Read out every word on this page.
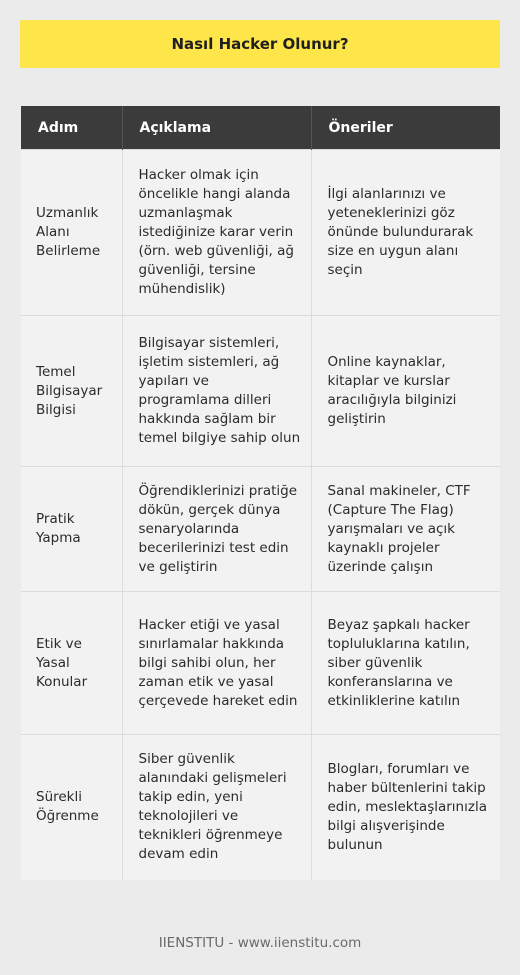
Nasıl Hacker Olunur?
Adım	Açıklama	Öneriler
Uzmanlık Alanı Belirleme	Hacker olmak için öncelikle hangi alanda uzmanlaşmak istediğinize karar verin (örn. web güvenliği, ağ güvenliği, tersine mühendislik)	İlgi alanlarınızı ve yeteneklerinizi göz önünde bulundurarak size en uygun alanı seçin
Temel Bilgisayar Bilgisi	Bilgisayar sistemleri, işletim sistemleri, ağ yapıları ve programlama dilleri hakkında sağlam bir temel bilgiye sahip olun	Online kaynaklar, kitaplar ve kurslar aracılığıyla bilginizi geliştirin
Pratik Yapma	Öğrendiklerinizi pratiğe dökün, gerçek dünya senaryolarında becerilerinizi test edin ve geliştirin	Sanal makineler, CTF (Capture The Flag) yarışmaları ve açık kaynaklı projeler üzerinde çalışın
Etik ve Yasal Konular	Hacker etiği ve yasal sınırlamalar hakkında bilgi sahibi olun, her zaman etik ve yasal çerçevede hareket edin	Beyaz şapkalı hacker topluluklarına katılın, siber güvenlik konferanslarına ve etkinliklerine katılın
Sürekli Öğrenme	Siber güvenlik alanındaki gelişmeleri takip edin, yeni teknolojileri ve teknikleri öğrenmeye devam edin	Blogları, forumları ve haber bültenlerini takip edin, meslektaşlarınızla bilgi alışverişinde bulunun
IIENSTITU - www.iienstitu.com
